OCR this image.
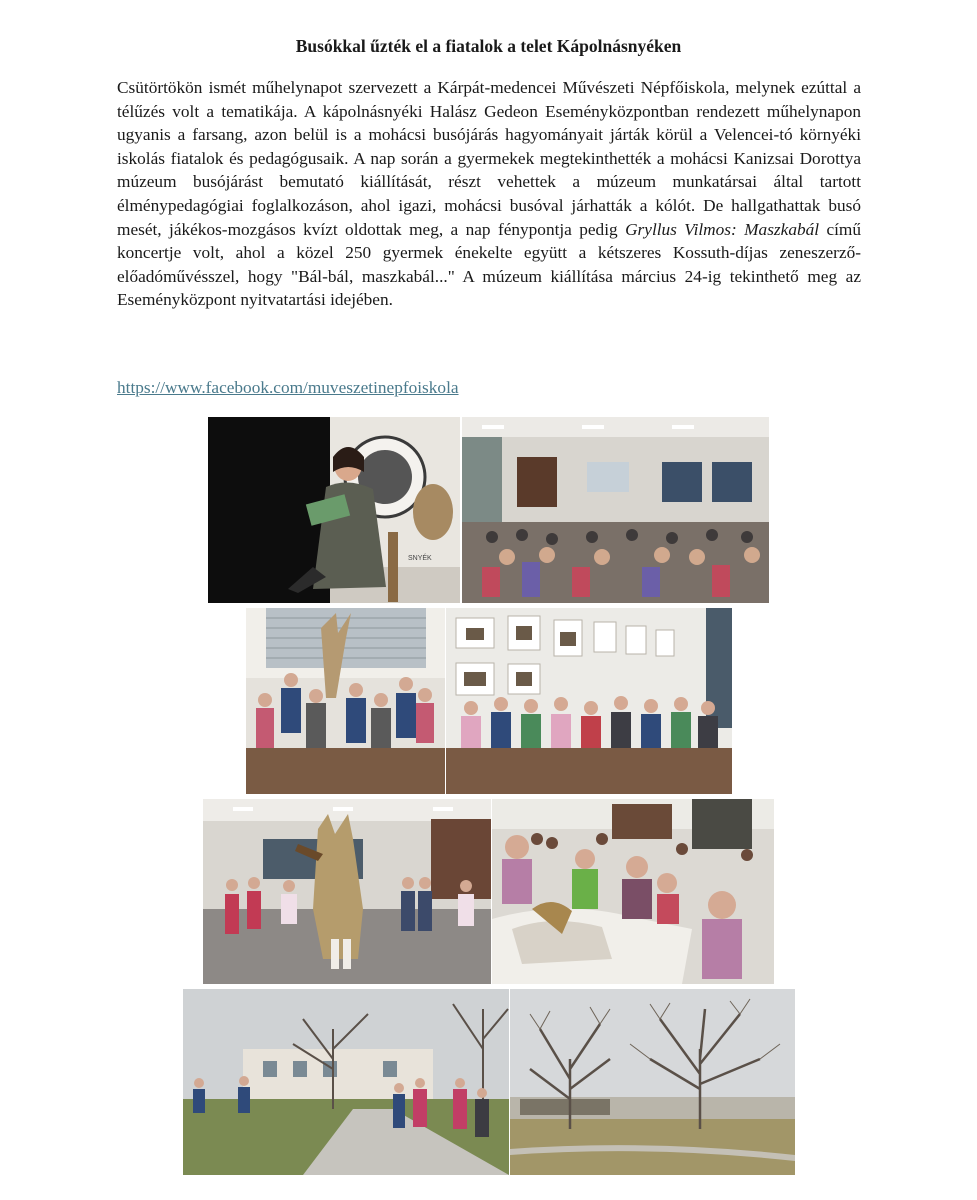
Busókkal űzték el a fiatalok a telet Kápolnásnyéken

Csütörtökön ismét műhelynapot szervezett a Kárpát-medencei Művészeti Népfőiskola, melynek ezúttal a télűzés volt a tematikája. A kápolnásnyéki Halász Gedeon Eseményközpontban rendezett műhelynapon ugyanis a farsang, azon belül is a mohácsi busójárás hagyományait járták körül a Velencei-tó környéki iskolás fiatalok és pedagógusaik. A nap során a gyermekek megtekinthették a mohácsi Kanizsai Dorottya múzeum busójárást bemutató kiállítását, részt vehettek a múzeum munkatársai által tartott élménypedagógiai foglalkozáson, ahol igazi, mohácsi busóval járhatták a kólót. De hallgathattak busó mesét, jákékos-mozgásos kvízt oldottak meg, a nap fénypontja pedig Gryllus Vilmos: Maszkabál című koncertje volt, ahol a közel 250 gyermek énekelte együtt a kétszeres Kossuth-díjas zeneszerző-előadóművésszel, hogy "Bál-bál, maszkabál..." A múzeum kiállítása március 24-ig tekinthető meg az Eseményközpont nyitvatartási idejében.

https://www.facebook.com/muveszetinepfoiskola
SNYÉK
